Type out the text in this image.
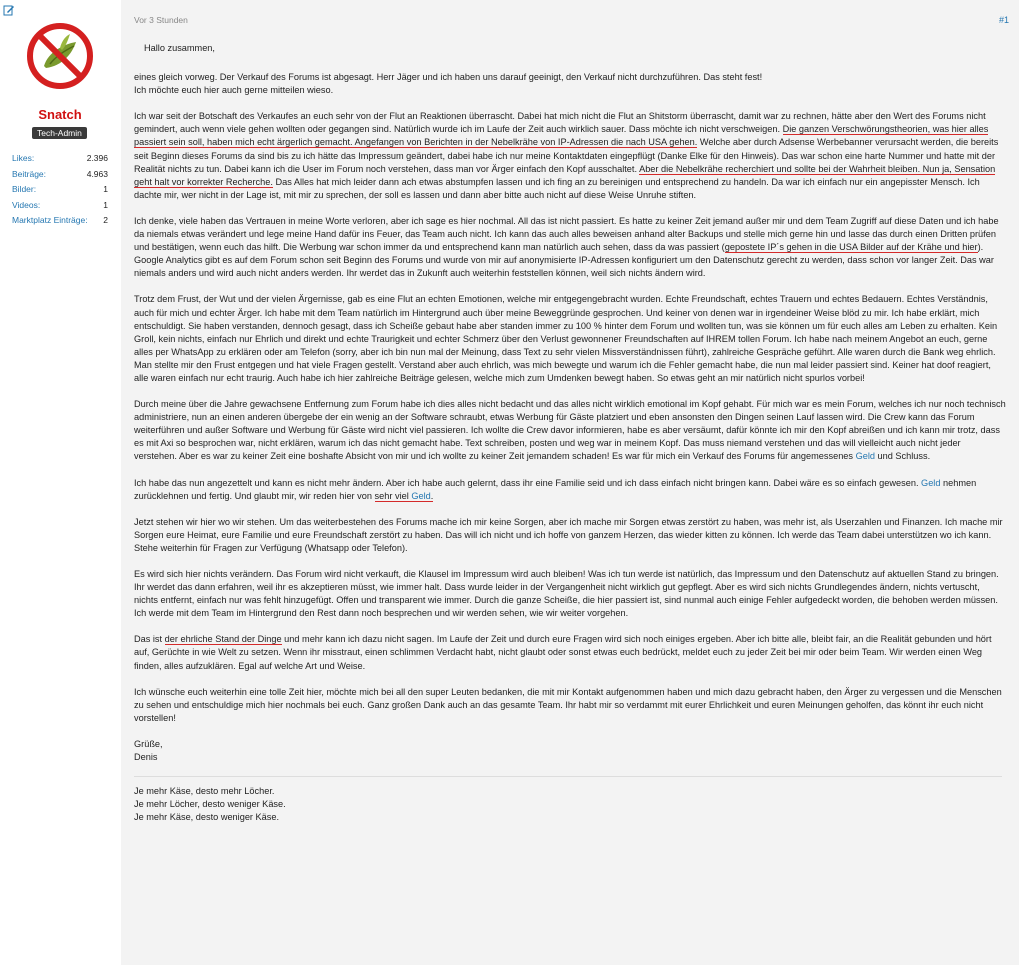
Snatch
Tech-Admin
Likes:	2.396
Beiträge:	4.963
Bilder:	1
Videos:	1
Marktplatz Einträge: 2
Vor 3 Stunden	#1

Hallo zusammen,

eines gleich vorweg. Der Verkauf des Forums ist abgesagt. Herr Jäger und ich haben uns darauf geeinigt, den Verkauf nicht durchzuführen. Das steht fest!
Ich möchte euch hier auch gerne mitteilen wieso.

Ich war seit der Botschaft des Verkaufes an euch sehr von der Flut an Reaktionen überrascht. Dabei hat mich nicht die Flut an Shitstorm überrascht, damit war zu rechnen, hätte aber den Wert des Forums nicht gemindert, auch wenn viele gehen wollten oder gegangen sind. Natürlich wurde ich im Laufe der Zeit auch wirklich sauer. Dass möchte ich nicht verschweigen. Die ganzen Verschwörungstheorien, was hier alles passiert sein soll, haben mich echt ärgerlich gemacht. Angefangen von Berichten in der Nebelkrähe von IP-Adressen die nach USA gehen. Welche aber durch Adsense Werbebanner verursacht werden, die bereits seit Beginn dieses Forums da sind bis zu ich hätte das Impressum geändert, dabei habe ich nur meine Kontaktdaten eingepflügt (Danke Elke für den Hinweis). Das war schon eine harte Nummer und hatte mit der Realität nichts zu tun. Dabei kann ich die User im Forum noch verstehen, dass man vor Ärger einfach den Kopf ausschaltet. Aber die Nebelkrähe recherchiert und sollte bei der Wahrheit bleiben. Nun ja, Sensation geht halt vor korrekter Recherche. Das Alles hat mich leider dann ach etwas abstumpfen lassen und ich fing an zu bereinigen und entsprechend zu handeln. Da war ich einfach nur ein angepisster Mensch. Ich dachte mir, wer nicht in der Lage ist, mit mir zu sprechen, der soll es lassen und dann aber bitte auch nicht auf diese Weise Unruhe stiften.

Ich denke, viele haben das Vertrauen in meine Worte verloren, aber ich sage es hier nochmal. All das ist nicht passiert. Es hatte zu keiner Zeit jemand außer mir und dem Team Zugriff auf diese Daten und ich habe da niemals etwas verändert und lege meine Hand dafür ins Feuer, das Team auch nicht. Ich kann das auch alles beweisen anhand alter Backups und stelle mich gerne hin und lasse das durch einen Dritten prüfen und bestätigen, wenn euch das hilft. Die Werbung war schon immer da und entsprechend kann man natürlich auch sehen, dass da was passiert (gepostete IP´s gehen in die USA Bilder auf der Krähe und hier). Google Analytics gibt es auf dem Forum schon seit Beginn des Forums und wurde von mir auf anonymisierte IP-Adressen konfiguriert um den Datenschutz gerecht zu werden, dass schon vor langer Zeit. Das war niemals anders und wird auch nicht anders werden. Ihr werdet das in Zukunft auch weiterhin feststellen können, weil sich nichts ändern wird.

Trotz dem Frust, der Wut und der vielen Ärgernisse, gab es eine Flut an echten Emotionen, welche mir entgegengebracht wurden. Echte Freundschaft, echtes Trauern und echtes Bedauern. Echtes Verständnis, auch für mich und echter Ärger. Ich habe mit dem Team natürlich im Hintergrund auch über meine Beweggründe gesprochen. Und keiner von denen war in irgendeiner Weise blöd zu mir. Ich habe erklärt, mich entschuldigt. Sie haben verstanden, dennoch gesagt, dass ich Scheiße gebaut habe aber standen immer zu 100 % hinter dem Forum und wollten tun, was sie können um für euch alles am Leben zu erhalten. Kein Groll, kein nichts, einfach nur Ehrlich und direkt und echte Traurigkeit und echter Schmerz über den Verlust gewonnener Freundschaften auf IHREM tollen Forum. Ich habe nach meinem Angebot an euch, gerne alles per WhatsApp zu erklären oder am Telefon (sorry, aber ich bin nun mal der Meinung, dass Text zu sehr vielen Missverständnissen führt), zahlreiche Gespräche geführt. Alle waren durch die Bank weg ehrlich. Man stellte mir den Frust entgegen und hat viele Fragen gestellt. Verstand aber auch ehrlich, was mich bewegte und warum ich die Fehler gemacht habe, die nun mal leider passiert sind. Keiner hat doof reagiert, alle waren einfach nur echt traurig. Auch habe ich hier zahlreiche Beiträge gelesen, welche mich zum Umdenken bewegt haben. So etwas geht an mir natürlich nicht spurlos vorbei!

Durch meine über die Jahre gewachsene Entfernung zum Forum habe ich dies alles nicht bedacht und das alles nicht wirklich emotional im Kopf gehabt. Für mich war es mein Forum, welches ich nur noch technisch administriere, nun an einen anderen übergebe der ein wenig an der Software schraubt, etwas Werbung für Gäste platziert und eben ansonsten den Dingen seinen Lauf lassen wird. Die Crew kann das Forum weiterführen und außer Software und Werbung für Gäste wird nicht viel passieren. Ich wollte die Crew davor informieren, habe es aber versäumt, dafür könnte ich mir den Kopf abreißen und ich kann mir trotz, dass es mit Axi so besprochen war, nicht erklären, warum ich das nicht gemacht habe. Text schreiben, posten und weg war in meinem Kopf. Das muss niemand verstehen und das will vielleicht auch nicht jeder verstehen. Aber es war zu keiner Zeit eine boshafte Absicht von mir und ich wollte zu keiner Zeit jemandem schaden! Es war für mich ein Verkauf des Forums für angemessenes Geld und Schluss.

Ich habe das nun angezettelt und kann es nicht mehr ändern. Aber ich habe auch gelernt, dass ihr eine Familie seid und ich dass einfach nicht bringen kann. Dabei wäre es so einfach gewesen. Geld nehmen zurücklehnen und fertig. Und glaubt mir, wir reden hier von sehr viel Geld.

Jetzt stehen wir hier wo wir stehen. Um das weiterbestehen des Forums mache ich mir keine Sorgen, aber ich mache mir Sorgen etwas zerstört zu haben, was mehr ist, als Userzahlen und Finanzen. Ich mache mir Sorgen eure Heimat, eure Familie und eure Freundschaft zerstört zu haben. Das will ich nicht und ich hoffe von ganzem Herzen, das wieder kitten zu können. Ich werde das Team dabei unterstützen wo ich kann. Stehe weiterhin für Fragen zur Verfügung (Whatsapp oder Telefon).

Es wird sich hier nichts verändern. Das Forum wird nicht verkauft, die Klausel im Impressum wird auch bleiben! Was ich tun werde ist natürlich, das Impressum und den Datenschutz auf aktuellen Stand zu bringen. Ihr werdet das dann erfahren, weil ihr es akzeptieren müsst, wie immer halt. Dass wurde leider in der Vergangenheit nicht wirklich gut gepflegt. Aber es wird sich nichts Grundlegendes ändern, nichts vertuscht, nichts entfernt, einfach nur was fehlt hinzugefügt. Offen und transparent wie immer. Durch die ganze Scheiße, die hier passiert ist, sind nunmal auch einige Fehler aufgedeckt worden, die behoben werden müssen. Ich werde mit dem Team im Hintergrund den Rest dann noch besprechen und wir werden sehen, wie wir weiter vorgehen.

Das ist der ehrliche Stand der Dinge und mehr kann ich dazu nicht sagen. Im Laufe der Zeit und durch eure Fragen wird sich noch einiges ergeben. Aber ich bitte alle, bleibt fair, an die Realität gebunden und hört auf, Gerüchte in wie Welt zu setzen. Wenn ihr misstraut, einen schlimmen Verdacht habt, nicht glaubt oder sonst etwas euch bedrückt, meldet euch zu jeder Zeit bei mir oder beim Team. Wir werden einen Weg finden, alles aufzuklären. Egal auf welche Art und Weise.

Ich wünsche euch weiterhin eine tolle Zeit hier, möchte mich bei all den super Leuten bedanken, die mit mir Kontakt aufgenommen haben und mich dazu gebracht haben, den Ärger zu vergessen und die Menschen zu sehen und entschuldige mich hier nochmals bei euch. Ganz großen Dank auch an das gesamte Team. Ihr habt mir so verdammt mit eurer Ehrlichkeit und euren Meinungen geholfen, das könnt ihr euch nicht vorstellen!

Grüße,
Denis

Je mehr Käse, desto mehr Löcher.

Je mehr Löcher, desto weniger Käse.

Je mehr Käse, desto weniger Käse.
